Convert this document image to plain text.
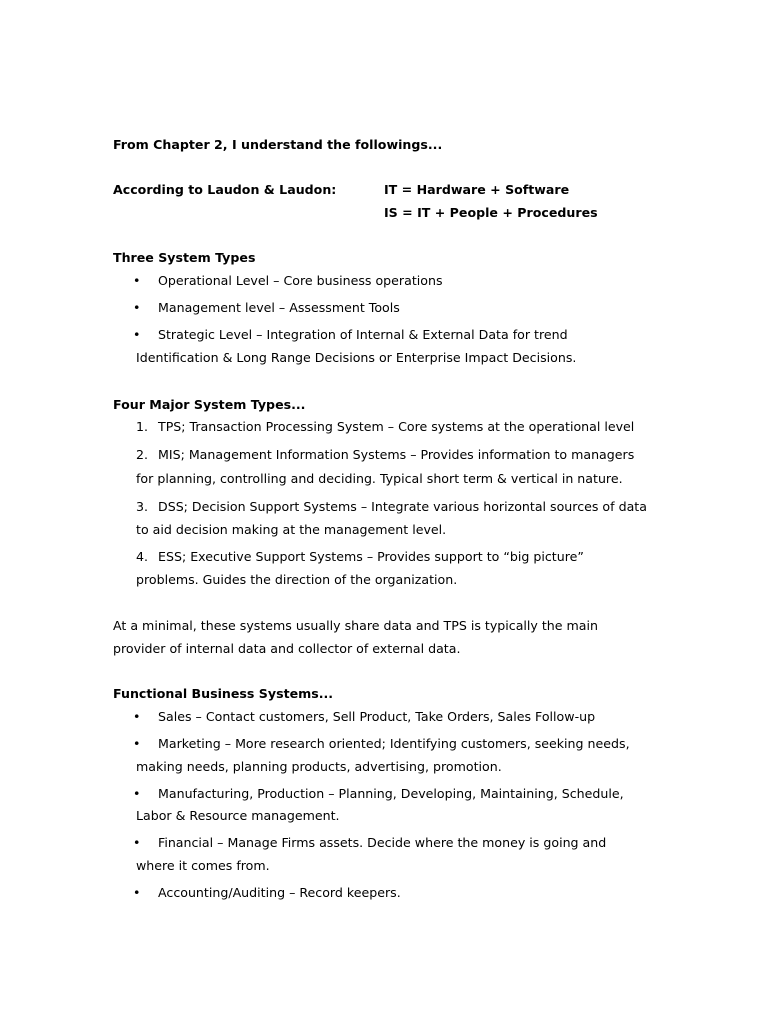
From Chapter 2, I understand the followings...
According to Laudon & Laudon:	IT = Hardware + Software
IS = IT + People + Procedures
Three System Types
•	Operational Level – Core business operations
•	Management level – Assessment Tools
•	Strategic Level – Integration of Internal & External Data for trend
Identification & Long Range Decisions or Enterprise Impact Decisions.
Four Major System Types...
1. TPS; Transaction Processing System – Core systems at the operational level
2. MIS; Management Information Systems – Provides information to managers
for planning, controlling and deciding. Typical short term & vertical in nature.
3. DSS; Decision Support Systems – Integrate various horizontal sources of data
to aid decision making at the management level.
4. ESS; Executive Support Systems – Provides support to “big picture”
problems. Guides the direction of the organization.
At a minimal, these systems usually share data and TPS is typically the main
provider of internal data and collector of external data.
Functional Business Systems...
•	Sales – Contact customers, Sell Product, Take Orders, Sales Follow-up
•	Marketing – More research oriented; Identifying customers, seeking needs,
making needs, planning products, advertising, promotion.
•	Manufacturing, Production – Planning, Developing, Maintaining, Schedule,
Labor & Resource management.
•	Financial – Manage Firms assets. Decide where the money is going and
where it comes from.
•	Accounting/Auditing – Record keepers.
